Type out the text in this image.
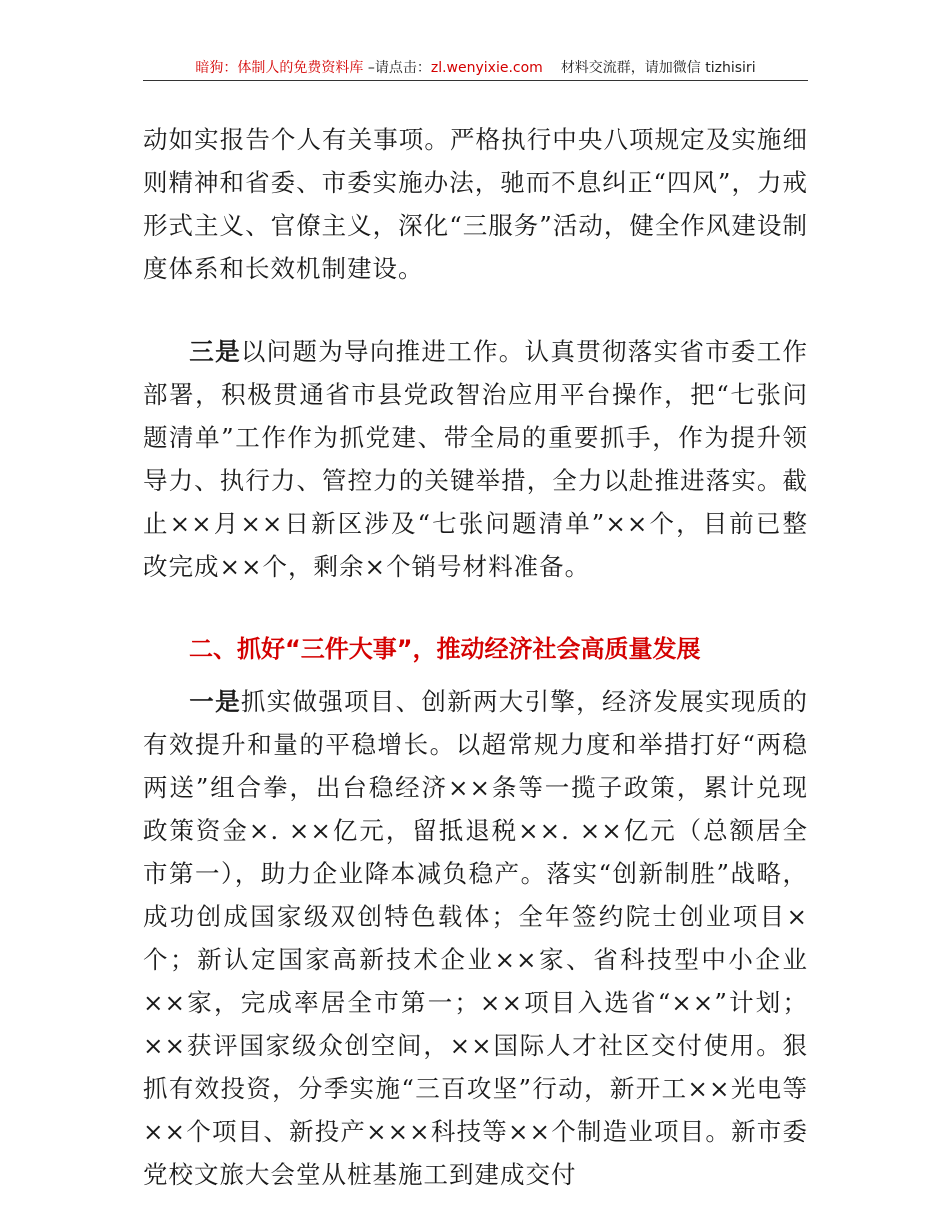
暗狗：体制人的免费资料库 –请点击：zl.wenyixie.com 材料交流群，请加微信 tizhisiri

动如实报告个人有关事项。严格执行中央八项规定及实施细则精神和省委、市委实施办法，驰而不息纠正“四风”，力戒形式主义、官僚主义，深化“三服务”活动，健全作风建设制度体系和长效机制建设。

三是以问题为导向推进工作。认真贯彻落实省市委工作部署，积极贯通省市县党政智治应用平台操作，把“七张问题清单”工作作为抓党建、带全局的重要抓手，作为提升领导力、执行力、管控力的关键举措，全力以赴推进落实。截止××月××日新区涉及“七张问题清单”××个，目前已整改完成××个，剩余×个销号材料准备。

二、抓好“三件大事”，推动经济社会高质量发展

一是抓实做强项目、创新两大引擎，经济发展实现质的有效提升和量的平稳增长。以超常规力度和举措打好“两稳两送”组合拳，出台稳经济××条等一揽子政策，累计兑现政策资金×. ××亿元，留抵退税××. ××亿元（总额居全市第一），助力企业降本减负稳产。落实“创新制胜”战略，成功创成国家级双创特色载体；全年签约院士创业项目×个；新认定国家高新技术企业××家、省科技型中小企业××家，完成率居全市第一；××项目入选省“××”计划；××获评国家级众创空间，××国际人才社区交付使用。狠抓有效投资，分季实施“三百攻坚”行动，新开工××光电等××个项目、新投产×××科技等××个制造业项目。新市委党校文旅大会堂从桩基施工到建成交付
